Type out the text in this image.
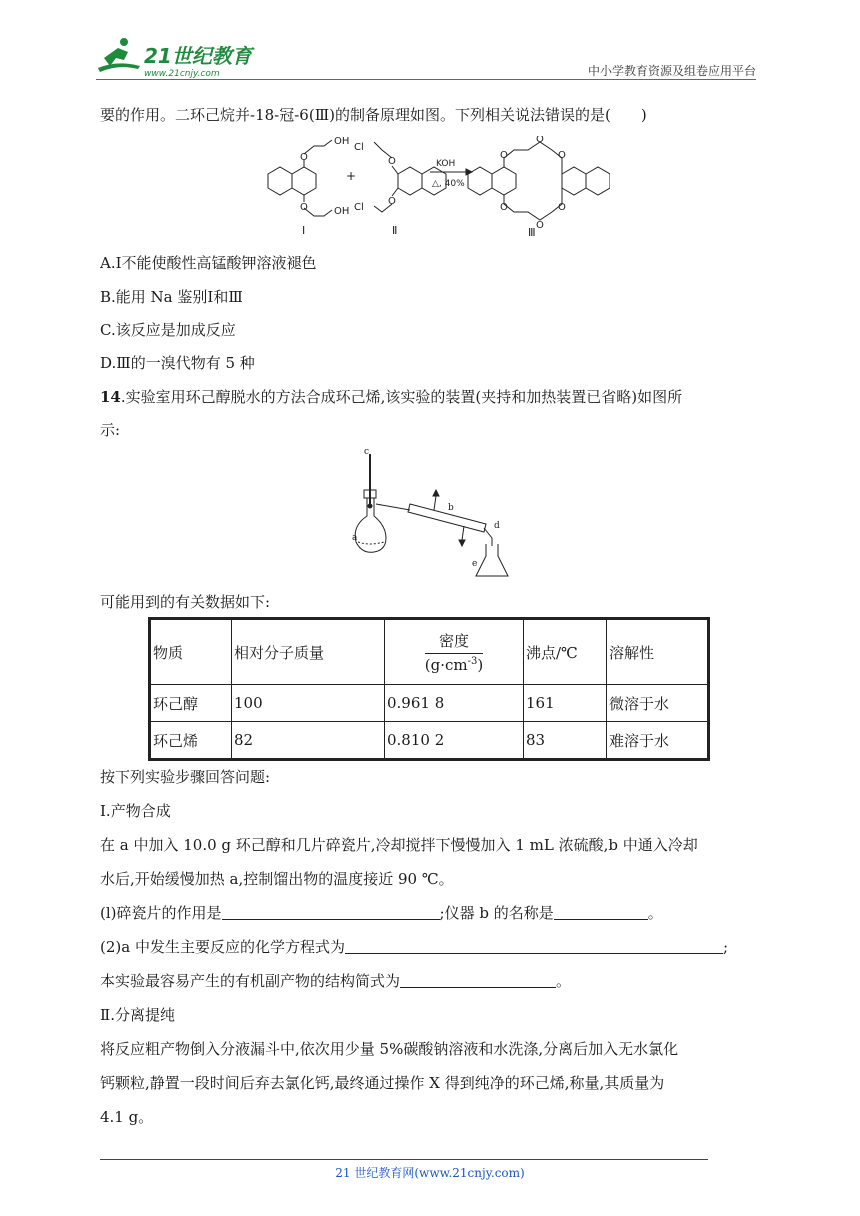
21世纪教育
www.21cnjy.com	中小学教育资源及组卷应用平台
要的作用。二环己烷并-18-冠-6(Ⅲ)的制备原理如图。下列相关说法错误的是(　　)
O
O
OH
OH
Ⅰ
+
O
O
Cl
Cl
Ⅱ
KOH
△, 40%
O
O
O
O
O
O
Ⅲ
A.Ⅰ不能使酸性高锰酸钾溶液褪色
B.能用 Na 鉴别Ⅰ和Ⅲ
C.该反应是加成反应
D.Ⅲ的一溴代物有 5 种
14.实验室用环己醇脱水的方法合成环己烯,该实验的装置(夹持和加热装置已省略)如图所
示:
c
a
b
d
e
可能用到的有关数据如下:
物质	相对分子质量	$\frac{\text{密度}}{(g\cdot cm^{-3})}$	沸点/℃	溶解性
环己醇	100	0.961 8	161	微溶于水
环己烯	82	0.810 2	83	难溶于水
按下列实验步骤回答问题:
Ⅰ.产物合成
在 a 中加入 10.0 g 环己醇和几片碎瓷片,冷却搅拌下慢慢加入 1 mL 浓硫酸,b 中通入冷却
水后,开始缓慢加热 a,控制馏出物的温度接近 90 ℃。
(l)碎瓷片的作用是	;仪器 b 的名称是	。
(2)a 中发生主要反应的化学方程式为	;
本实验最容易产生的有机副产物的结构简式为	。
Ⅱ.分离提纯
将反应粗产物倒入分液漏斗中,依次用少量 5%碳酸钠溶液和水洗涤,分离后加入无水氯化
钙颗粒,静置一段时间后弃去氯化钙,最终通过操作 X 得到纯净的环己烯,称量,其质量为
4.1 g。
21 世纪教育网(www.21cnjy.com)
